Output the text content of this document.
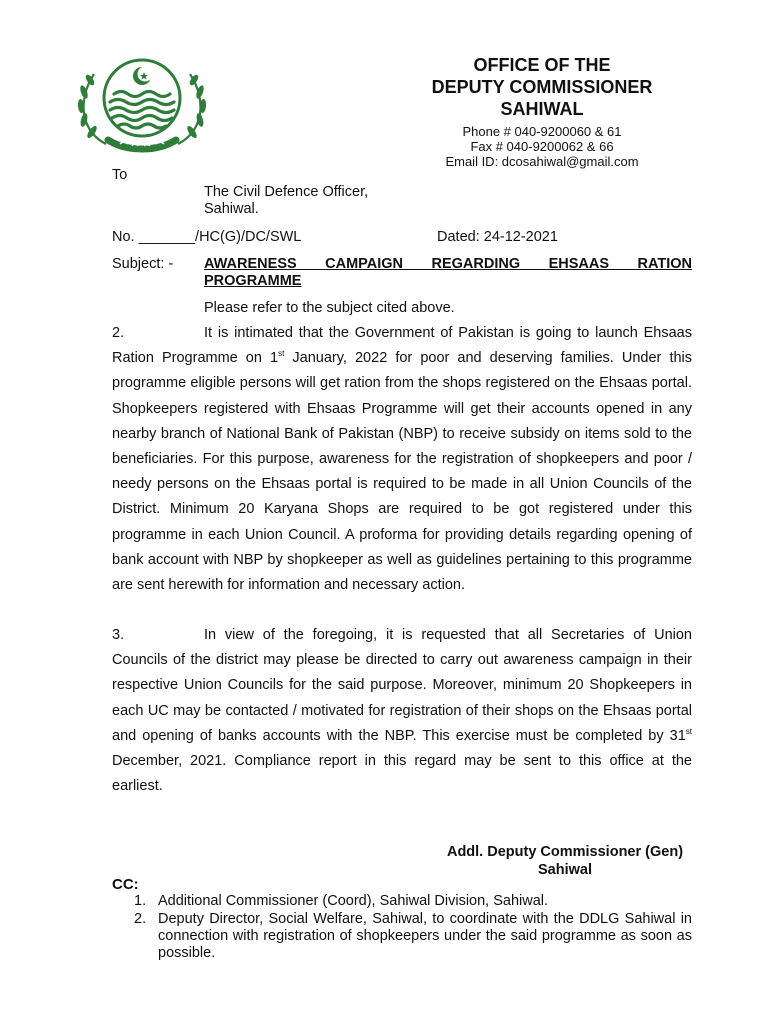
OFFICE OF THE
DEPUTY COMMISSIONER
SAHIWAL
Phone # 040-9200060 & 61
Fax # 040-9200062 & 66
Email ID: dcosahiwal@gmail.com
To
The Civil Defence Officer,
Sahiwal.
No. _______/HC(G)/DC/SWL	Dated: 24-12-2021
Subject: - AWARENESS CAMPAIGN REGARDING EHSAAS RATION
PROGRAMME
Please refer to the subject cited above.
2.	It is intimated that the Government of Pakistan is going to launch Ehsaas Ration Programme on 1st January, 2022 for poor and deserving families. Under this programme eligible persons will get ration from the shops registered on the Ehsaas portal. Shopkeepers registered with Ehsaas Programme will get their accounts opened in any nearby branch of National Bank of Pakistan (NBP) to receive subsidy on items sold to the beneficiaries. For this purpose, awareness for the registration of shopkeepers and poor / needy persons on the Ehsaas portal is required to be made in all Union Councils of the District. Minimum 20 Karyana Shops are required to be got registered under this programme in each Union Council. A proforma for providing details regarding opening of bank account with NBP by shopkeeper as well as guidelines pertaining to this programme are sent herewith for information and necessary action.
3.	In view of the foregoing, it is requested that all Secretaries of Union Councils of the district may please be directed to carry out awareness campaign in their respective Union Councils for the said purpose. Moreover, minimum 20 Shopkeepers in each UC may be contacted / motivated for registration of their shops on the Ehsaas portal and opening of banks accounts with the NBP. This exercise must be completed by 31st December, 2021. Compliance report in this regard may be sent to this office at the earliest.
Addl. Deputy Commissioner (Gen)
Sahiwal
CC:
1. Additional Commissioner (Coord), Sahiwal Division, Sahiwal.
2. Deputy Director, Social Welfare, Sahiwal, to coordinate with the DDLG Sahiwal in connection with registration of shopkeepers under the said programme as soon as possible.
